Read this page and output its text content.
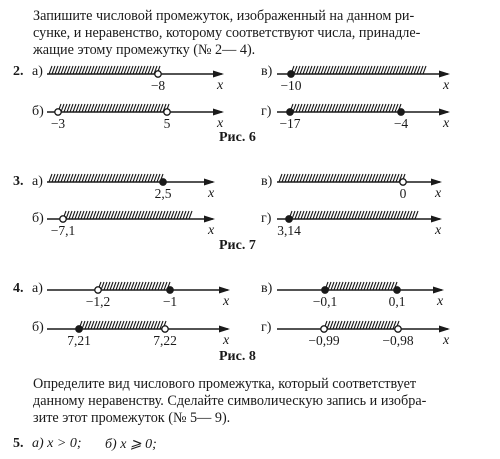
Запишите числовой промежуток, изображенный на данном ри-
сунке, и неравенство, которому соответствуют числа, принадле-
жащие этому промежутку (№ 2— 4).
2.
3.
4.
а)	в)
б)	г)
а)	в)
б)	г)
а)	в)
б)	г)
Рис. 6
Рис. 7
Рис. 8
x
−8	x
−10
x
−3	5	x
−17	−4
x
2,5	x
0
x
−7,1	x
3,14
x
−1,2	−1	x
−0,1	0,1
x
7,21	7,22	x
−0,99	−0,98
Определите вид числового промежутка, который соответствует
данному неравенству. Сделайте символическую запись и изобра-
зите этот промежуток (№ 5— 9).
5. а) x > 0; б) x ⩾ 0;
